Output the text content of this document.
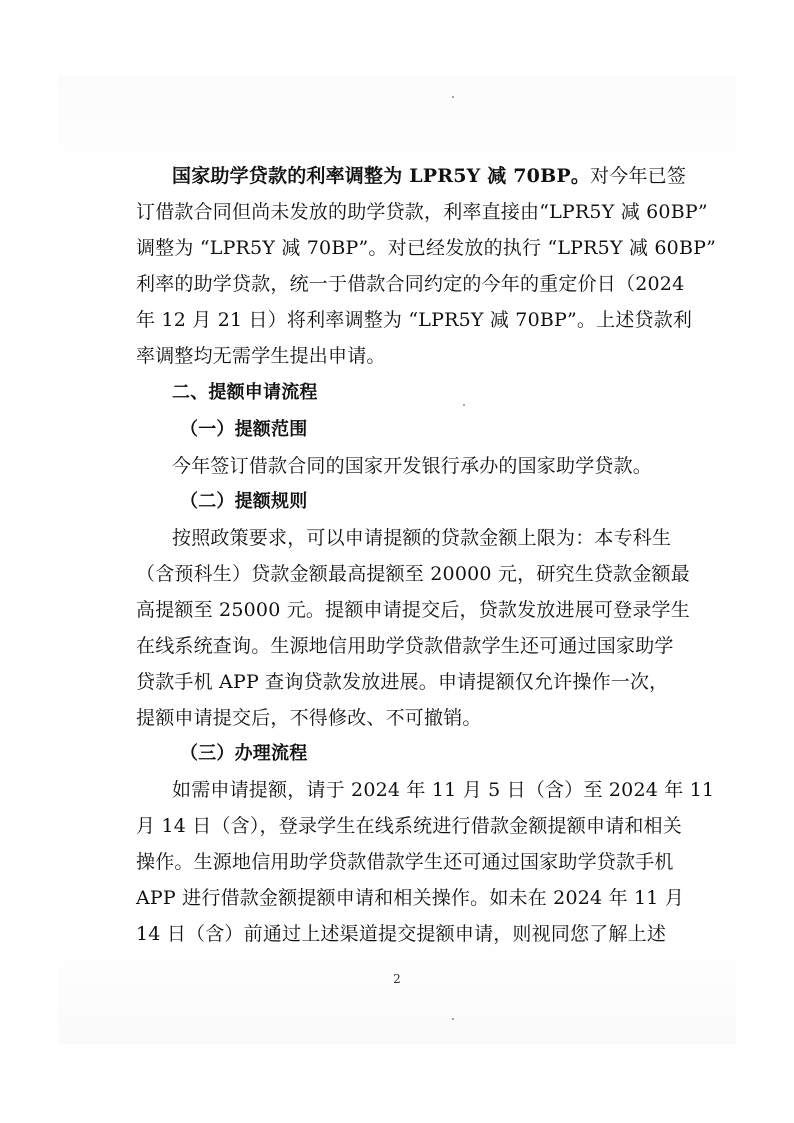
国家助学贷款的利率调整为 LPR5Y 减 70BP。对今年已签
订借款合同但尚未发放的助学贷款，利率直接由“LPR5Y 减 60BP”
调整为 “LPR5Y 减 70BP”。对已经发放的执行 “LPR5Y 减 60BP”
利率的助学贷款，统一于借款合同约定的今年的重定价日（2024
年 12 月 21 日）将利率调整为 “LPR5Y 减 70BP”。上述贷款利
率调整均无需学生提出申请。
二、提额申请流程
（一）提额范围
今年签订借款合同的国家开发银行承办的国家助学贷款。
（二）提额规则
按照政策要求，可以申请提额的贷款金额上限为：本专科生
（含预科生）贷款金额最高提额至 20000 元，研究生贷款金额最
高提额至 25000 元。提额申请提交后，贷款发放进展可登录学生
在线系统查询。生源地信用助学贷款借款学生还可通过国家助学
贷款手机 APP 查询贷款发放进展。申请提额仅允许操作一次，
提额申请提交后，不得修改、不可撤销。
（三）办理流程
如需申请提额，请于 2024 年 11 月 5 日（含）至 2024 年 11
月 14 日（含），登录学生在线系统进行借款金额提额申请和相关
操作。生源地信用助学贷款借款学生还可通过国家助学贷款手机
APP 进行借款金额提额申请和相关操作。如未在 2024 年 11 月
14 日（含）前通过上述渠道提交提额申请，则视同您了解上述
2
